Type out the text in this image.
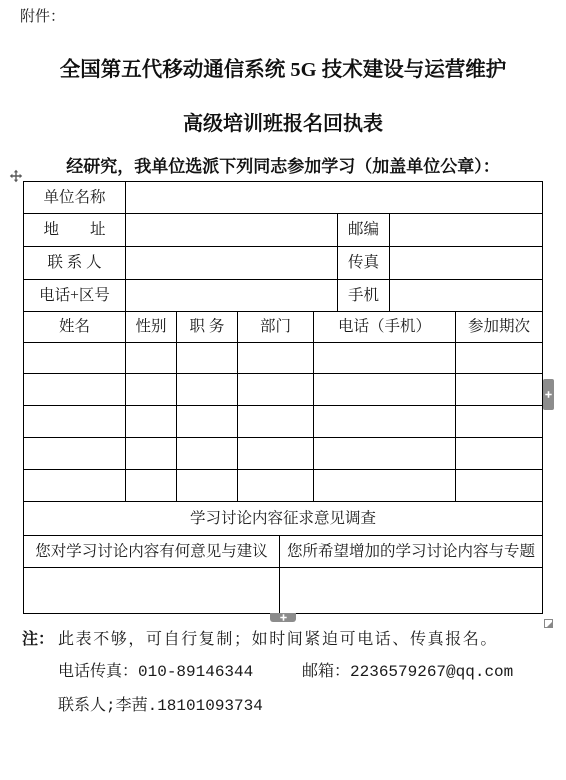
附件：
全国第五代移动通信系统 5G 技术建设与运营维护
高级培训班报名回执表
经研究，我单位选派下列同志参加学习（加盖单位公章）：
单位名称								
地　　址						邮编		
联 系 人						传真		
电话+区号						手机		
姓名	性别	职 务	部门		电话（手机）			参加期次

学习讨论内容征求意见调查								
您对学习讨论内容有何意见与建议				您所希望增加的学习讨论内容与专题				

注： 此表不够，可自行复制；如时间紧迫可电话、传真报名。
电话传真：010-89146344	邮箱：2236579267@qq.com
联系人;李茜.18101093734
